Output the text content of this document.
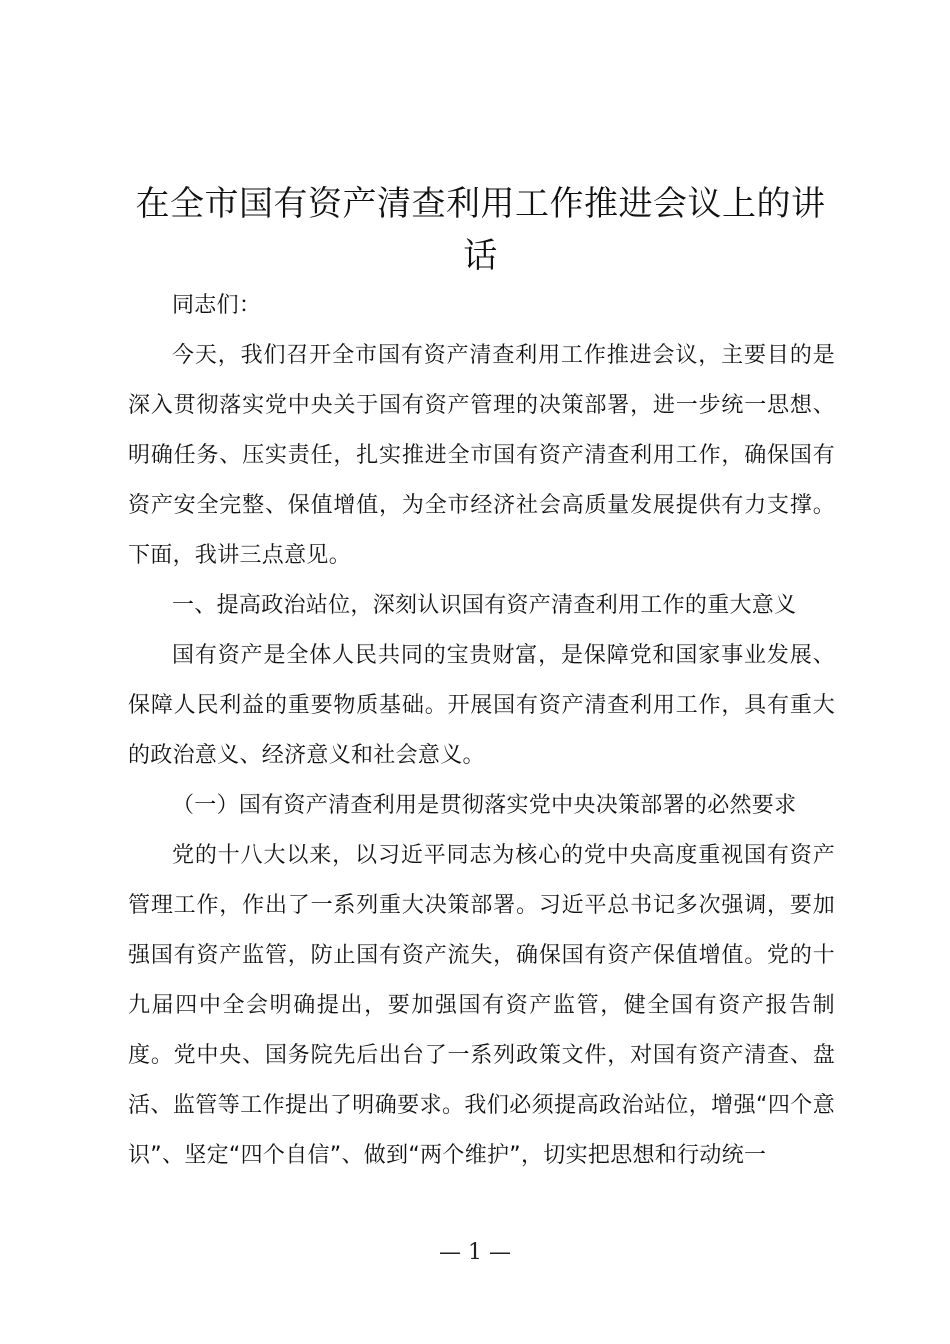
在全市国有资产清查利用工作推进会议上的讲话

同志们：

今天，我们召开全市国有资产清查利用工作推进会议，主要目的是深入贯彻落实党中央关于国有资产管理的决策部署，进一步统一思想、明确任务、压实责任，扎实推进全市国有资产清查利用工作，确保国有资产安全完整、保值增值，为全市经济社会高质量发展提供有力支撑。下面，我讲三点意见。

一、提高政治站位，深刻认识国有资产清查利用工作的重大意义

国有资产是全体人民共同的宝贵财富，是保障党和国家事业发展、保障人民利益的重要物质基础。开展国有资产清查利用工作，具有重大的政治意义、经济意义和社会意义。

（一）国有资产清查利用是贯彻落实党中央决策部署的必然要求

党的十八大以来，以习近平同志为核心的党中央高度重视国有资产管理工作，作出了一系列重大决策部署。习近平总书记多次强调，要加强国有资产监管，防止国有资产流失，确保国有资产保值增值。党的十九届四中全会明确提出，要加强国有资产监管，健全国有资产报告制度。党中央、国务院先后出台了一系列政策文件，对国有资产清查、盘活、监管等工作提出了明确要求。我们必须提高政治站位，增强“四个意识”、坚定“四个自信”、做到“两个维护”，切实把思想和行动统一

— 1 —
